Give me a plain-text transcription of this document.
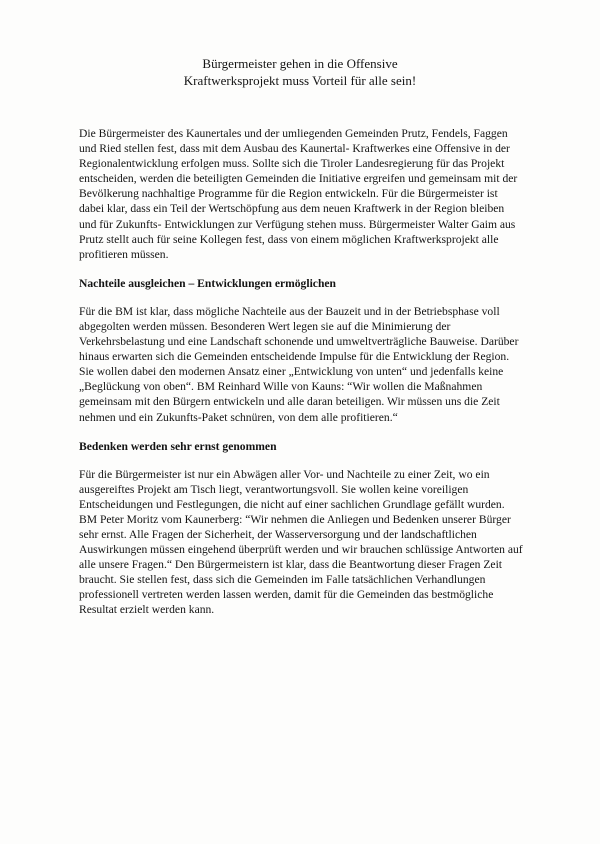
Bürgermeister gehen in die Offensive
Kraftwerksprojekt muss Vorteil für alle sein!

Die Bürgermeister des Kaunertales und der umliegenden Gemeinden Prutz, Fendels, Faggen und Ried stellen fest, dass mit dem Ausbau des Kaunertal- Kraftwerkes eine Offensive in der Regionalentwicklung erfolgen muss. Sollte sich die Tiroler Landesregierung für das Projekt entscheiden, werden die beteiligten Gemeinden die Initiative ergreifen und gemeinsam mit der Bevölkerung nachhaltige Programme für die Region entwickeln. Für die Bürgermeister ist dabei klar, dass ein Teil der Wertschöpfung aus dem neuen Kraftwerk in der Region bleiben und für Zukunfts- Entwicklungen zur Verfügung stehen muss. Bürgermeister Walter Gaim aus Prutz stellt auch für seine Kollegen fest, dass von einem möglichen Kraftwerksprojekt alle profitieren müssen.

Nachteile ausgleichen – Entwicklungen ermöglichen

Für die BM ist klar, dass mögliche Nachteile aus der Bauzeit und in der Betriebsphase voll abgegolten werden müssen. Besonderen Wert legen sie auf die Minimierung der Verkehrsbelastung und eine Landschaft schonende und umweltverträgliche Bauweise. Darüber hinaus erwarten sich die Gemeinden entscheidende Impulse für die Entwicklung der Region. Sie wollen dabei den modernen Ansatz einer „Entwicklung von unten“ und jedenfalls keine „Beglückung von oben“. BM Reinhard Wille von Kauns: “Wir wollen die Maßnahmen gemeinsam mit den Bürgern entwickeln und alle daran beteiligen. Wir müssen uns die Zeit nehmen und ein Zukunfts-Paket schnüren, von dem alle profitieren.“

Bedenken werden sehr ernst genommen

Für die Bürgermeister ist nur ein Abwägen aller Vor- und Nachteile zu einer Zeit, wo ein ausgereiftes Projekt am Tisch liegt, verantwortungsvoll. Sie wollen keine voreiligen Entscheidungen und Festlegungen, die nicht auf einer sachlichen Grundlage gefällt wurden. BM Peter Moritz vom Kaunerberg: “Wir nehmen die Anliegen und Bedenken unserer Bürger sehr ernst. Alle Fragen der Sicherheit, der Wasserversorgung und der landschaftlichen Auswirkungen müssen eingehend überprüft werden und wir brauchen schlüssige Antworten auf alle unsere Fragen.“ Den Bürgermeistern ist klar, dass die Beantwortung dieser Fragen Zeit braucht. Sie stellen fest, dass sich die Gemeinden im Falle tatsächlichen Verhandlungen professionell vertreten werden lassen werden, damit für die Gemeinden das bestmögliche Resultat erzielt werden kann.
